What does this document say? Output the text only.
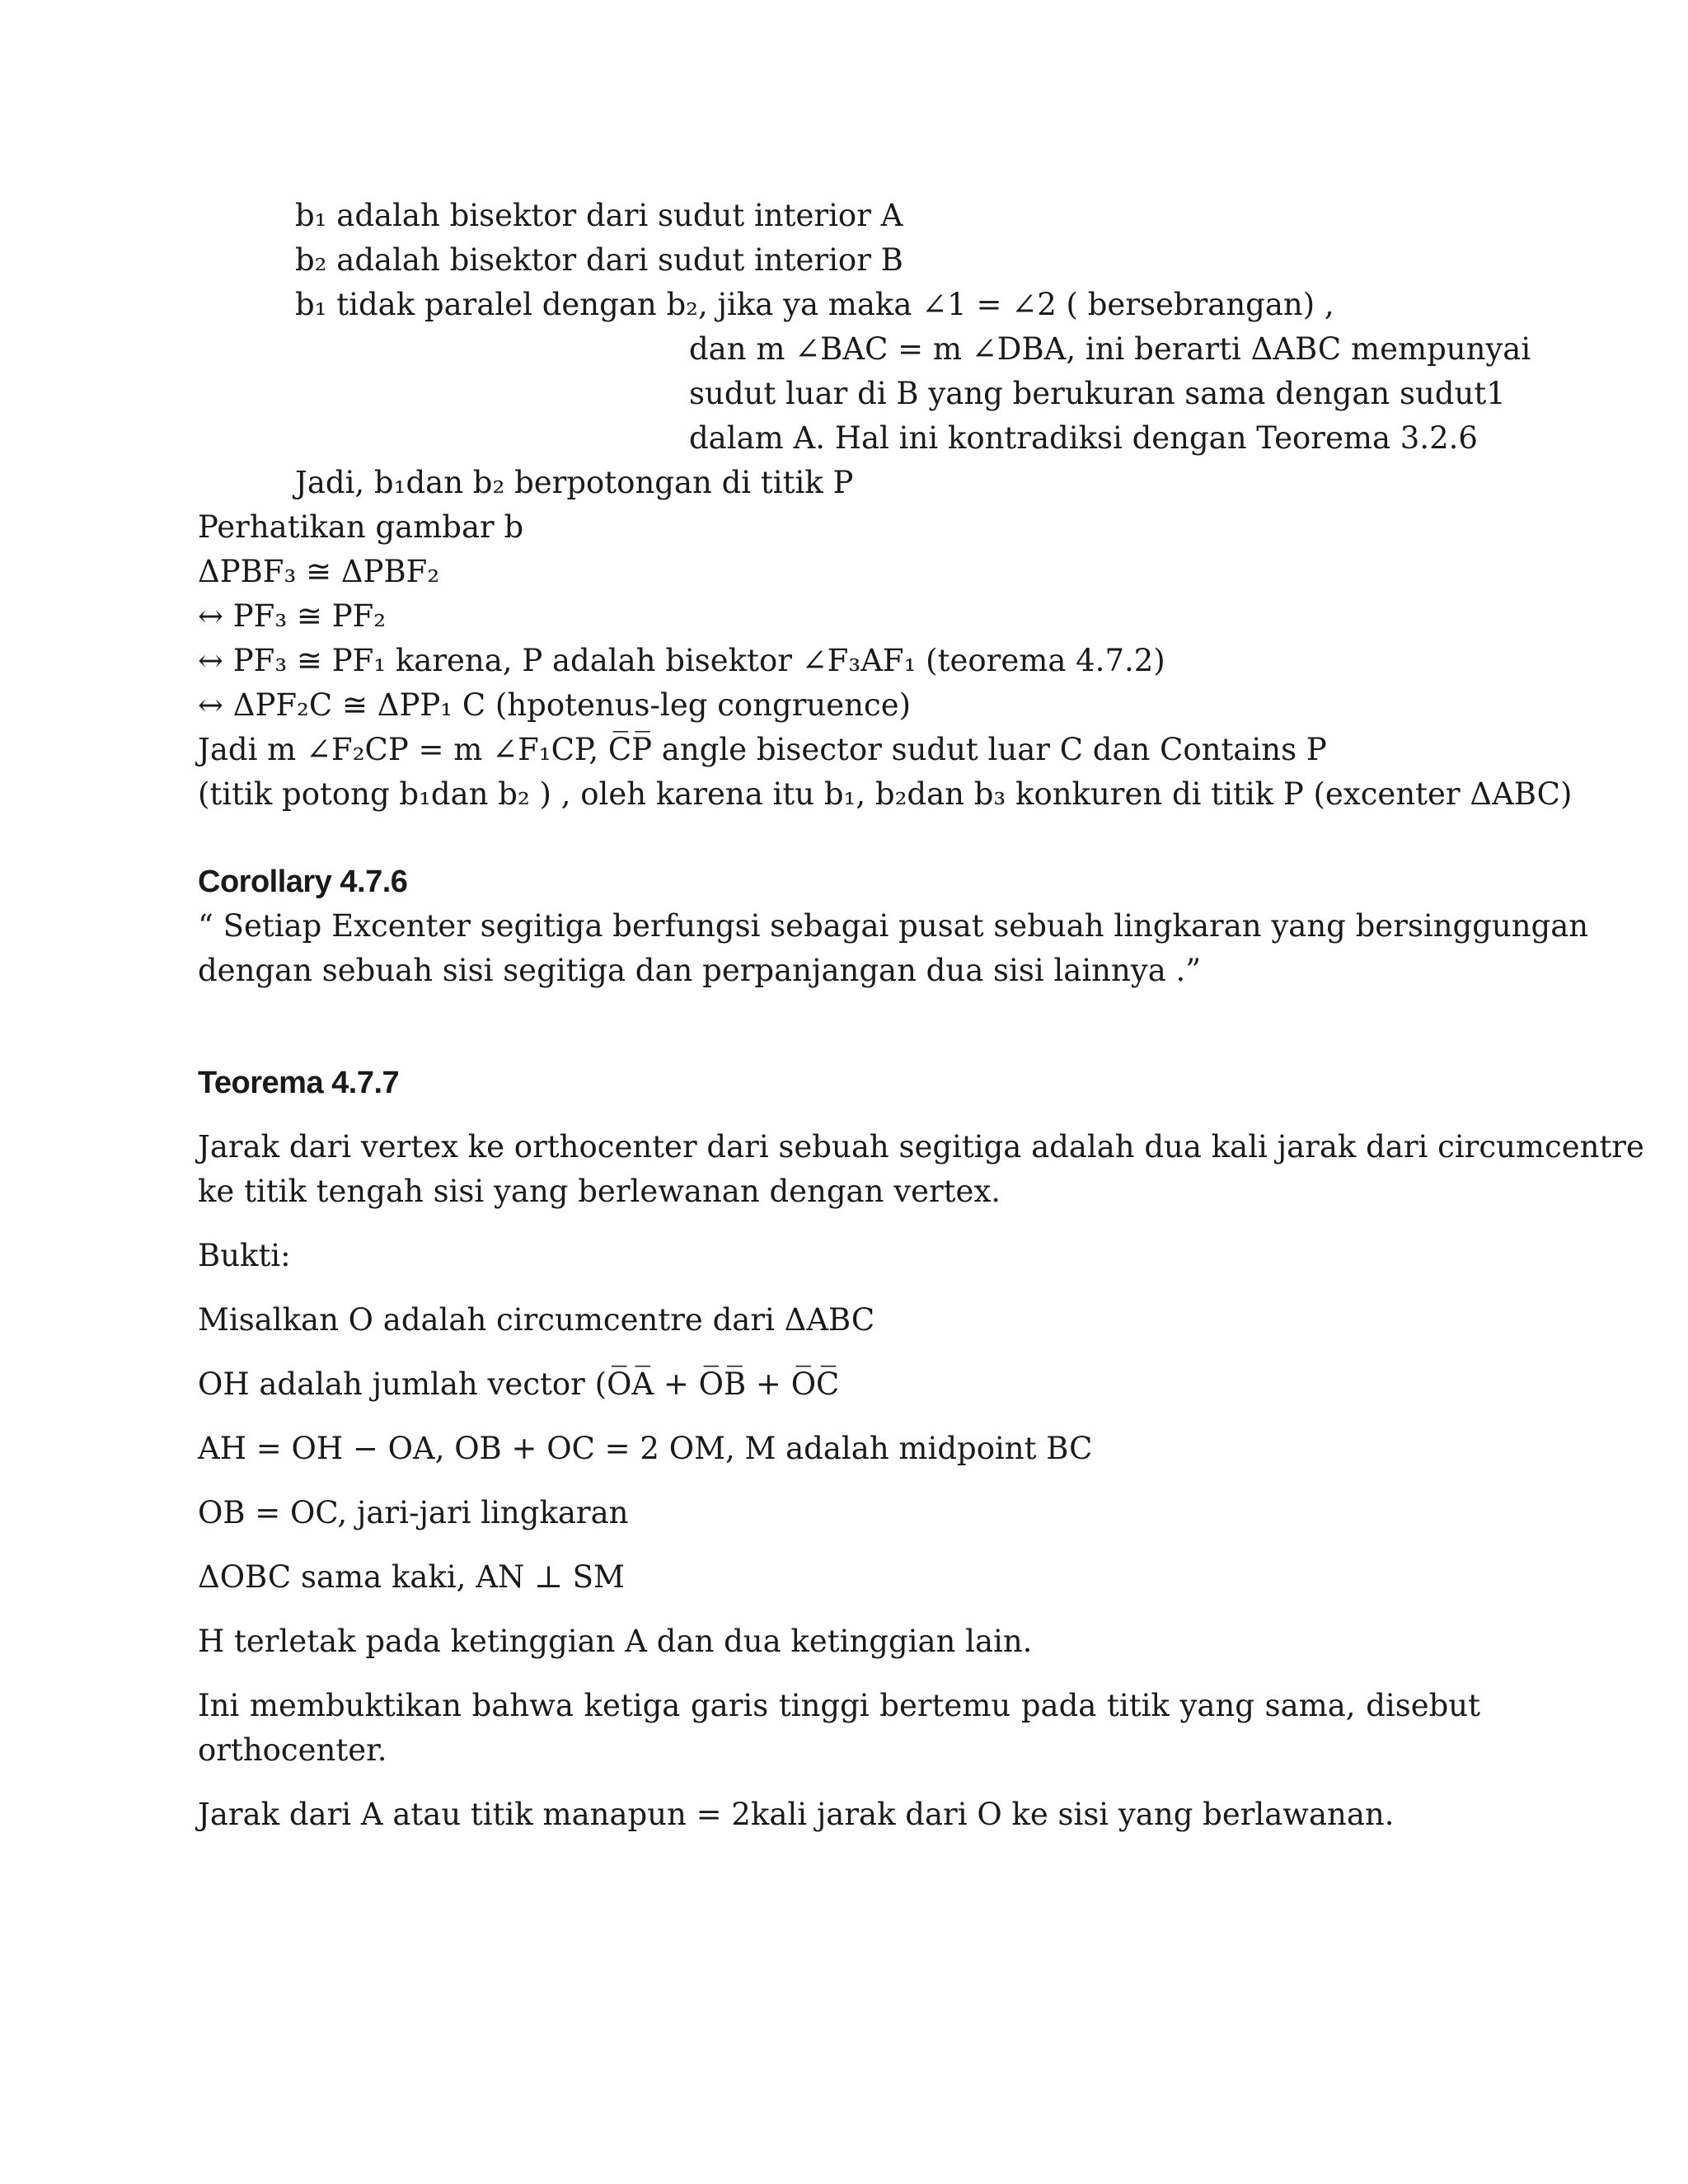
b₁ adalah bisektor dari sudut interior A
b₂ adalah bisektor dari sudut interior B
b₁ tidak paralel dengan b₂, jika ya maka ∠1 = ∠2 ( bersebrangan) ,
dan m ∠BAC = m ∠DBA, ini berarti ΔABC mempunyai
sudut luar di B yang berukuran sama dengan sudut1
dalam A. Hal ini kontradiksi dengan Teorema 3.2.6
Jadi, b₁dan b₂ berpotongan di titik P
Perhatikan gambar b
ΔPBF₃ ≅ ΔPBF₂
↔ PF₃ ≅ PF₂
↔ PF₃ ≅ PF₁ karena, P adalah bisektor ∠F₃AF₁ (teorema 4.7.2)
↔ ΔPF₂C ≅ ΔPP₁ C (hpotenus-leg congruence)
Jadi m ∠F₂CP = m ∠F₁CP, C̅P̅ angle bisector sudut luar C dan Contains P
(titik potong b₁dan b₂ ) , oleh karena itu b₁, b₂dan b₃ konkuren di titik P (excenter ΔABC)
Corollary 4.7.6
“ Setiap Excenter segitiga berfungsi sebagai pusat sebuah lingkaran yang bersinggungan
dengan sebuah sisi segitiga dan perpanjangan dua sisi lainnya .”
Teorema 4.7.7
Jarak dari vertex ke orthocenter dari sebuah segitiga adalah dua kali jarak dari circumcentre
ke titik tengah sisi yang berlewanan dengan vertex.
Bukti:
Misalkan O adalah circumcentre dari ΔABC
OH adalah jumlah vector (O̅A̅ + O̅B̅ + O̅C̅
AH = OH − OA, OB + OC = 2 OM, M adalah midpoint BC
OB = OC, jari-jari lingkaran
ΔOBC sama kaki, AN ⊥ SM
H terletak pada ketinggian A dan dua ketinggian lain.
Ini membuktikan bahwa ketiga garis tinggi bertemu pada titik yang sama, disebut
orthocenter.
Jarak dari A atau titik manapun = 2kali jarak dari O ke sisi yang berlawanan.
